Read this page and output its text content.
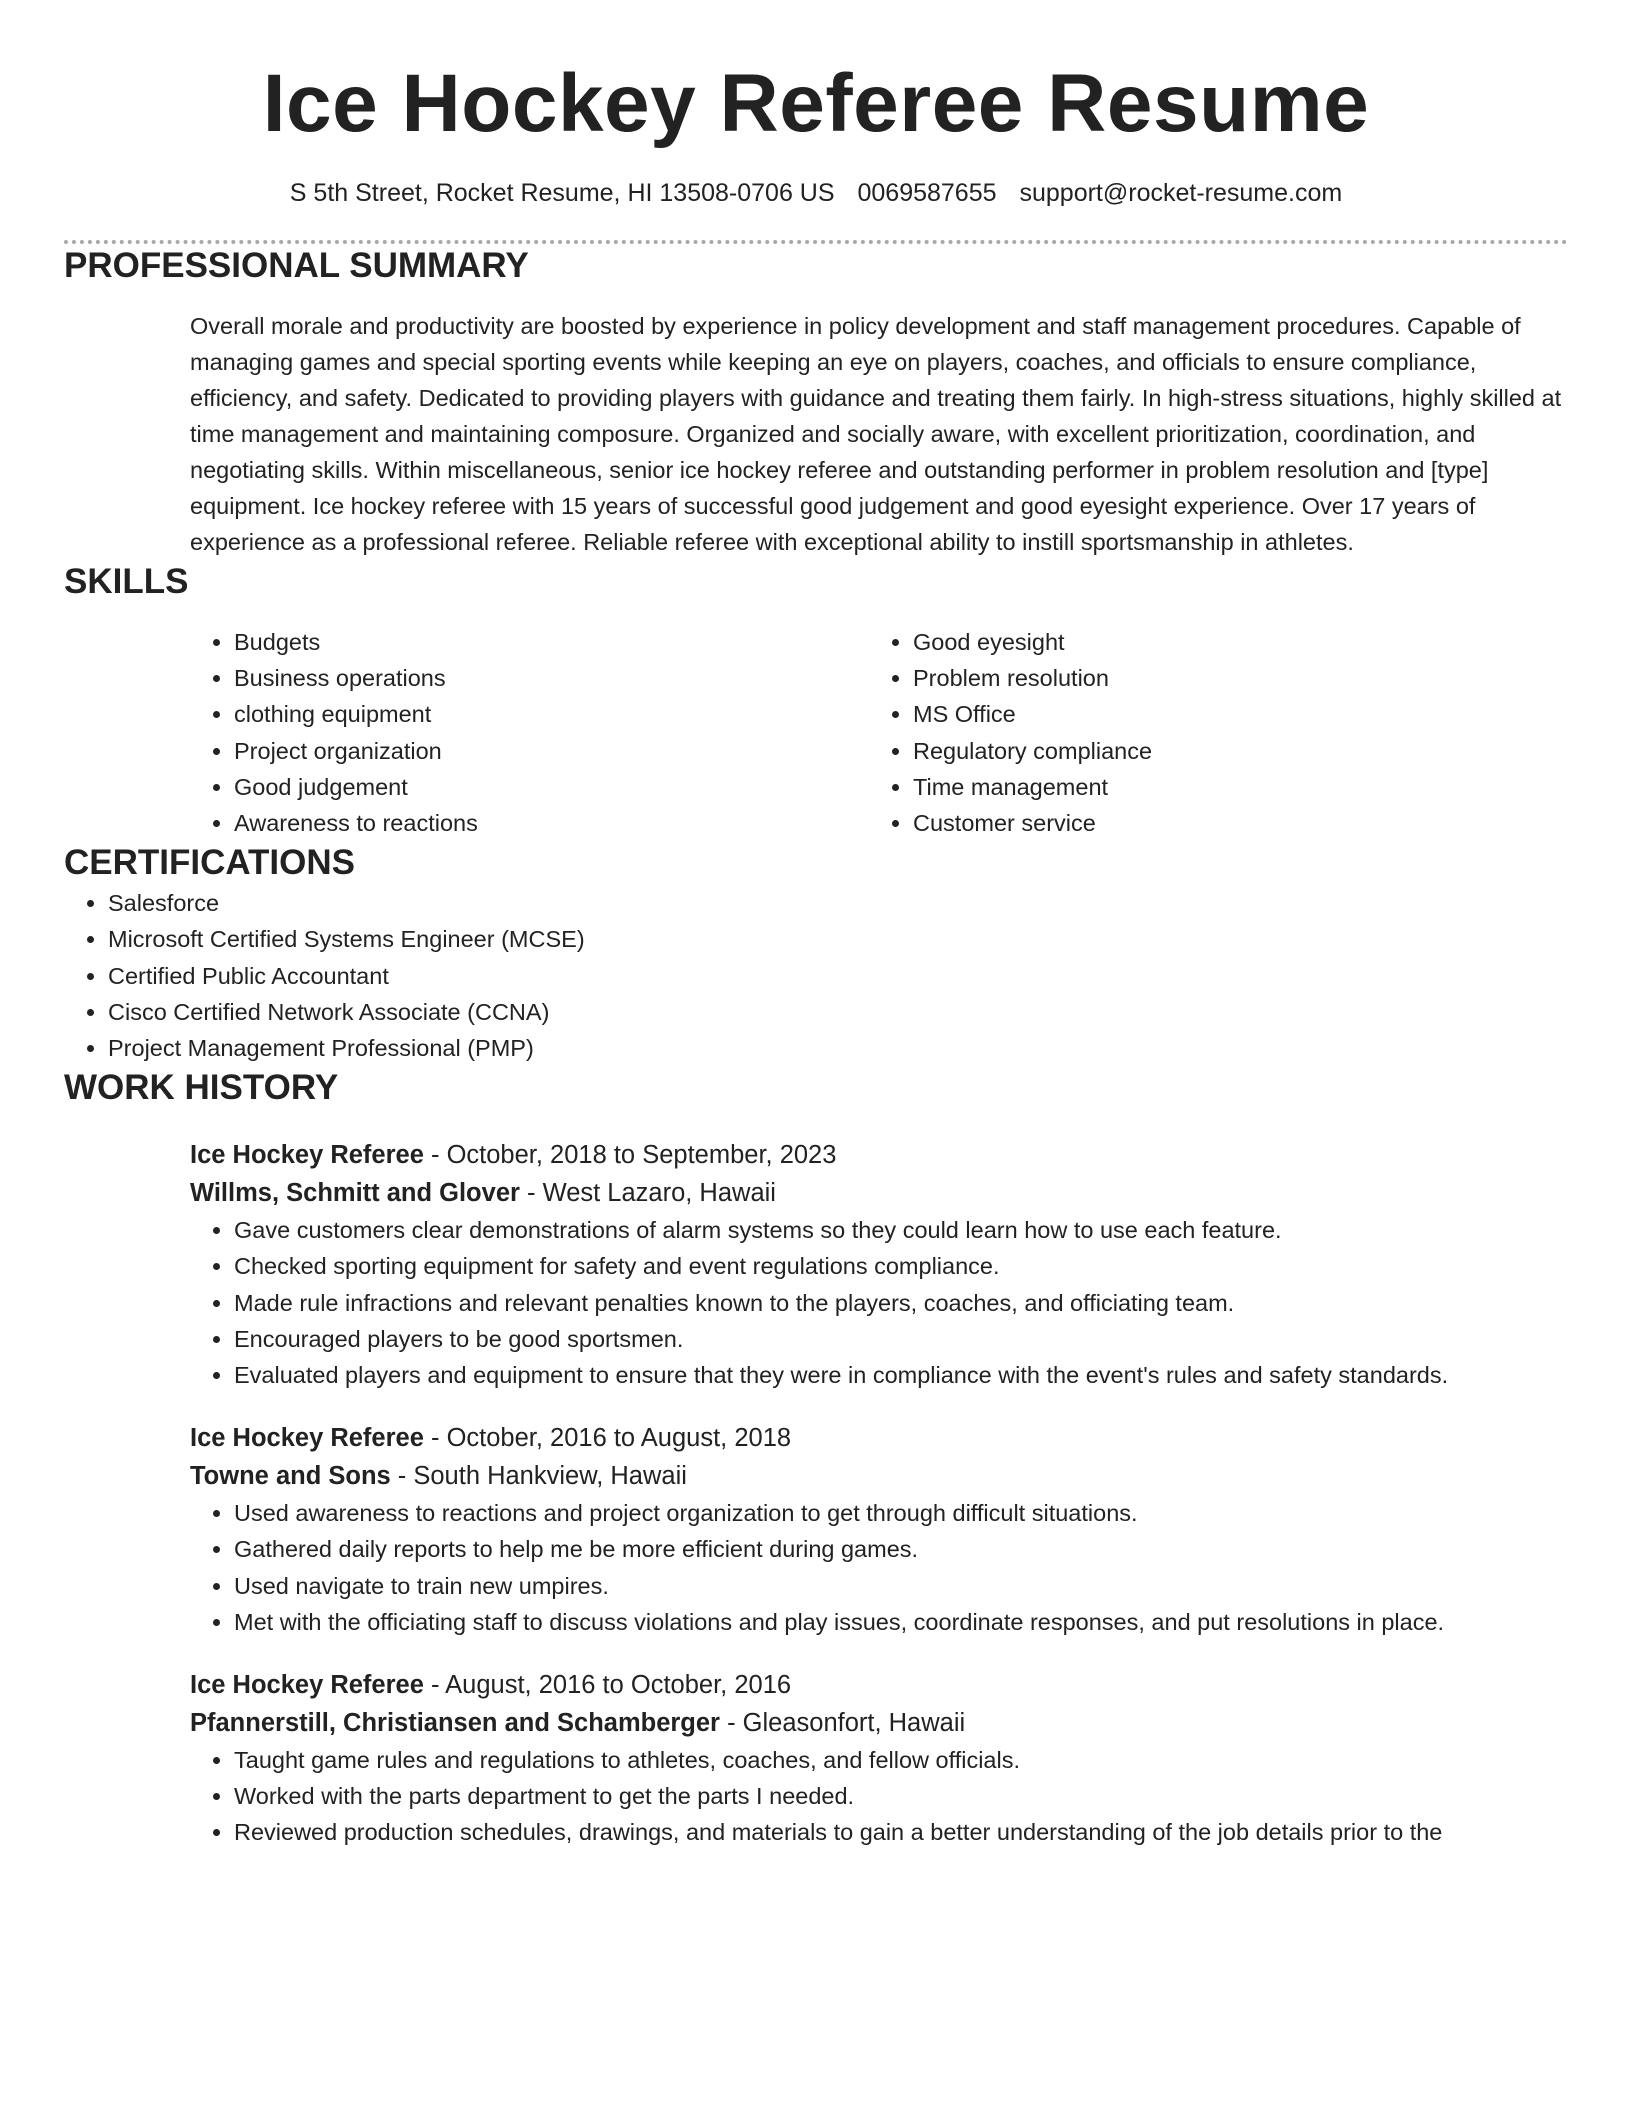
Ice Hockey Referee Resume
S 5th Street, Rocket Resume, HI 13508-0706 US 0069587655 support@rocket-resume.com
PROFESSIONAL SUMMARY
Overall morale and productivity are boosted by experience in policy development and staff management procedures. Capable of managing games and special sporting events while keeping an eye on players, coaches, and officials to ensure compliance, efficiency, and safety. Dedicated to providing players with guidance and treating them fairly. In high-stress situations, highly skilled at time management and maintaining composure. Organized and socially aware, with excellent prioritization, coordination, and negotiating skills. Within miscellaneous, senior ice hockey referee and outstanding performer in problem resolution and [type] equipment. Ice hockey referee with 15 years of successful good judgement and good eyesight experience. Over 17 years of experience as a professional referee. Reliable referee with exceptional ability to instill sportsmanship in athletes.
SKILLS
• Budgets
• Business operations
• clothing equipment
• Project organization
• Good judgement
• Awareness to reactions
• Good eyesight
• Problem resolution
• MS Office
• Regulatory compliance
• Time management
• Customer service
CERTIFICATIONS
• Salesforce
• Microsoft Certified Systems Engineer (MCSE)
• Certified Public Accountant
• Cisco Certified Network Associate (CCNA)
• Project Management Professional (PMP)
WORK HISTORY
Ice Hockey Referee - October, 2018 to September, 2023
Willms, Schmitt and Glover - West Lazaro, Hawaii
• Gave customers clear demonstrations of alarm systems so they could learn how to use each feature.
• Checked sporting equipment for safety and event regulations compliance.
• Made rule infractions and relevant penalties known to the players, coaches, and officiating team.
• Encouraged players to be good sportsmen.
• Evaluated players and equipment to ensure that they were in compliance with the event's rules and safety standards.
Ice Hockey Referee - October, 2016 to August, 2018
Towne and Sons - South Hankview, Hawaii
• Used awareness to reactions and project organization to get through difficult situations.
• Gathered daily reports to help me be more efficient during games.
• Used navigate to train new umpires.
• Met with the officiating staff to discuss violations and play issues, coordinate responses, and put resolutions in place.
Ice Hockey Referee - August, 2016 to October, 2016
Pfannerstill, Christiansen and Schamberger - Gleasonfort, Hawaii
• Taught game rules and regulations to athletes, coaches, and fellow officials.
• Worked with the parts department to get the parts I needed.
• Reviewed production schedules, drawings, and materials to gain a better understanding of the job details prior to the
